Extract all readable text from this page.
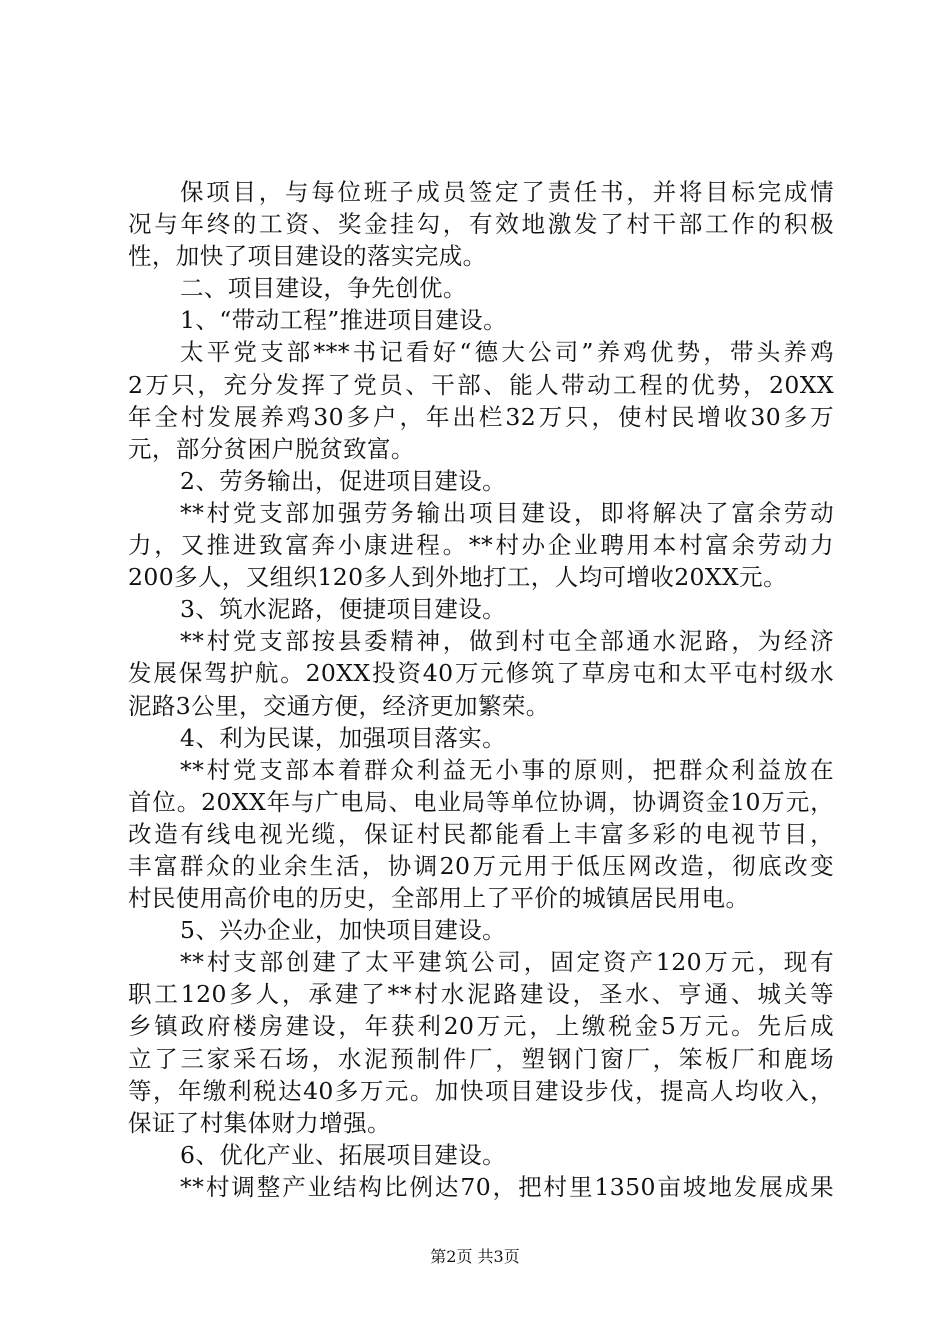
保项目，与每位班子成员签定了责任书，并将目标完成情
况与年终的工资、奖金挂勾，有效地激发了村干部工作的积极
性，加快了项目建设的落实完成。
二、项目建设，争先创优。
1、“带动工程”推进项目建设。
太平党支部***书记看好“德大公司”养鸡优势，带头养鸡
2万只，充分发挥了党员、干部、能人带动工程的优势，20XX
年全村发展养鸡30多户，年出栏32万只，使村民增收30多万
元，部分贫困户脱贫致富。
2、劳务输出，促进项目建设。
**村党支部加强劳务输出项目建设，即将解决了富余劳动
力，又推进致富奔小康进程。**村办企业聘用本村富余劳动力
200多人，又组织120多人到外地打工，人均可增收20XX元。
3、筑水泥路，便捷项目建设。
**村党支部按县委精神，做到村屯全部通水泥路，为经济
发展保驾护航。20XX投资40万元修筑了草房屯和太平屯村级水
泥路3公里，交通方便，经济更加繁荣。
4、利为民谋，加强项目落实。
**村党支部本着群众利益无小事的原则，把群众利益放在
首位。20XX年与广电局、电业局等单位协调，协调资金10万元，
改造有线电视光缆，保证村民都能看上丰富多彩的电视节目，
丰富群众的业余生活，协调20万元用于低压网改造，彻底改变
村民使用高价电的历史，全部用上了平价的城镇居民用电。
5、兴办企业，加快项目建设。
**村支部创建了太平建筑公司，固定资产120万元，现有
职工120多人，承建了**村水泥路建设，圣水、亨通、城关等
乡镇政府楼房建设，年获利20万元，上缴税金5万元。先后成
立了三家采石场，水泥预制件厂，塑钢门窗厂，笨板厂和鹿场
等，年缴利税达40多万元。加快项目建设步伐，提高人均收入，
保证了村集体财力增强。
6、优化产业、拓展项目建设。
**村调整产业结构比例达70，把村里1350亩坡地发展成果
第2页 共3页
